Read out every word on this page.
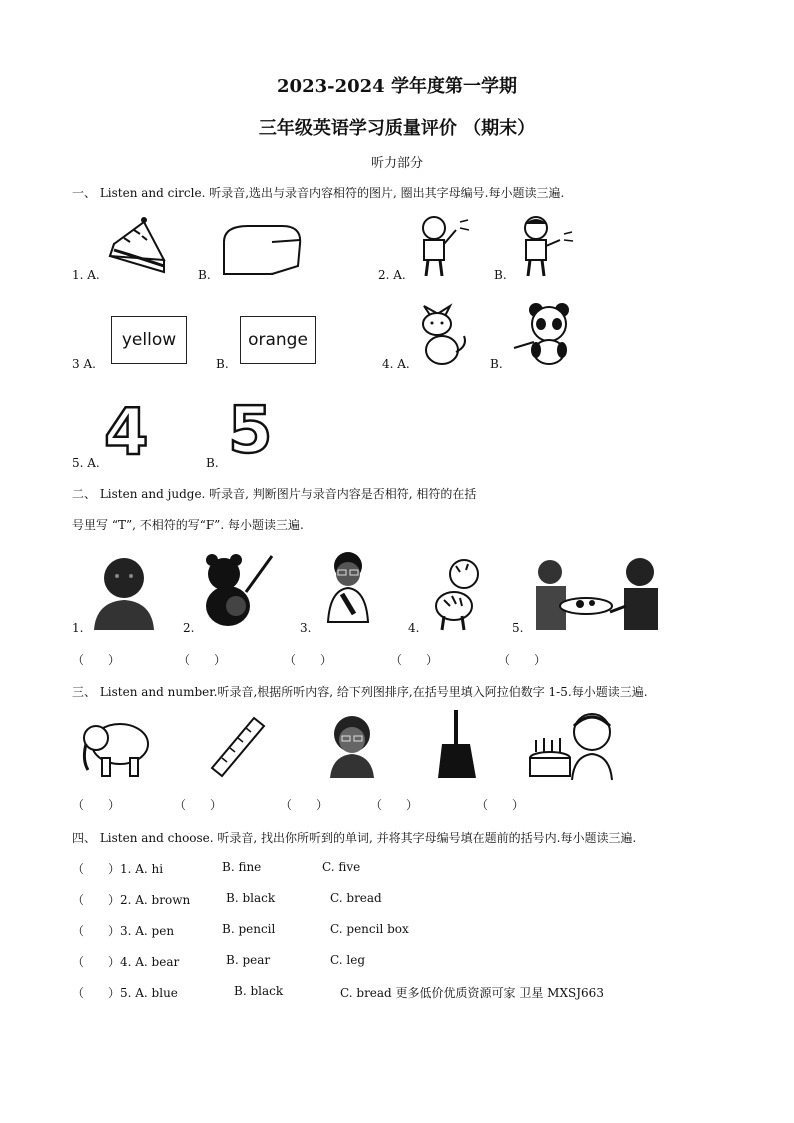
2023-2024 学年度第一学期
三年级英语学习质量评价 （期末）
听力部分
一、 Listen and circle. 听录音,选出与录音内容相符的图片, 圈出其字母编号.每小题读三遍.
1. A.	B.	2. A.	B.
3 A.
yellow
B.
orange
4. A.	B.
5. A. 4	B. 5
二、 Listen and judge. 听录音, 判断图片与录音内容是否相符, 相符的在括
号里写 “T”, 不相符的写“F”. 每小题读三遍.
1.	2.	3.	4.	5.
（　　）	（　　）	（　　）	（　　）	（　　）
三、 Listen and number.听录音,根据所听内容, 给下列图排序,在括号里填入阿拉伯数字 1-5.每小题读三遍.
（　　）	（　　）	（　　）	（　　）	（　　）
四、 Listen and choose. 听录音, 找出你所听到的单词, 并将其字母编号填在题前的括号内.每小题读三遍.
（　　）1. A. hi	B. fine	C. five
（　　）2. A. brown	B. black	C. bread
（　　）3. A. pen	B. pencil	C. pencil box
（　　）4. A. bear	B. pear	C. leg
（　　）5. A. blue	B. black	C. bread 更多低价优质资源可家 卫星 MXSJ663
